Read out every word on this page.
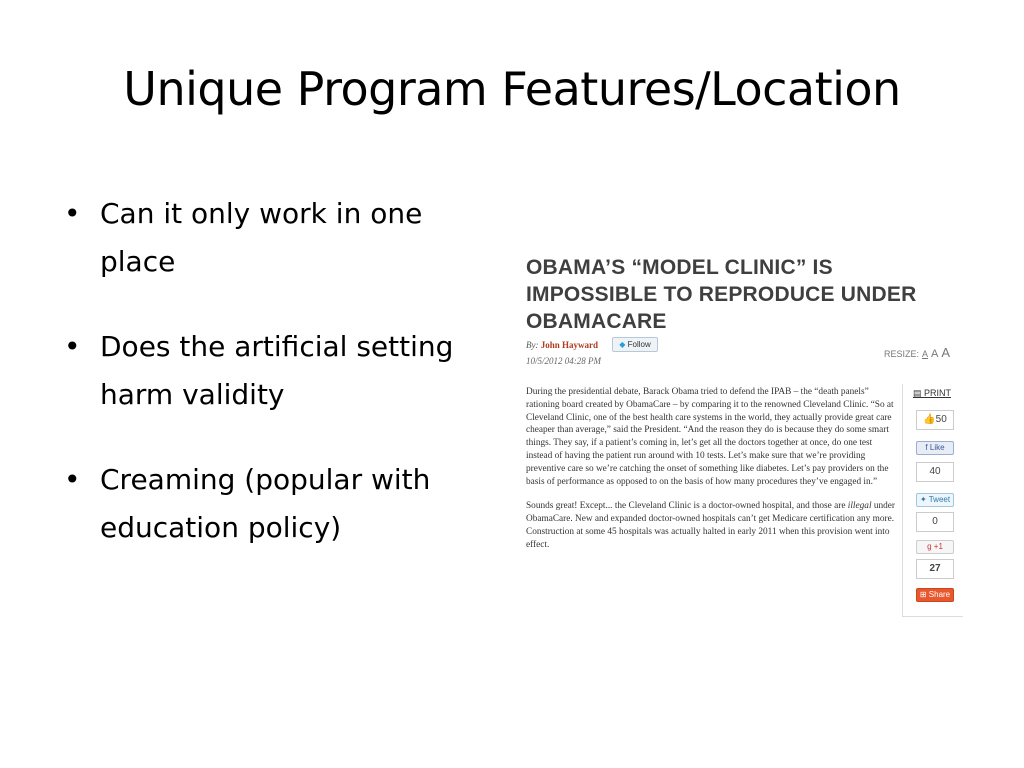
Unique Program Features/Location
• Can it only work in one place
• Does the artificial setting harm validity
• Creaming (popular with education policy)
OBAMA’S “MODEL CLINIC” IS IMPOSSIBLE TO REPRODUCE UNDER OBAMACARE
By: John Hayward	◆ Follow
10/5/2012 04:28 PM
RESIZE: A A A

During the presidential debate, Barack Obama tried to defend the IPAB – the “death panels” rationing board created by ObamaCare – by comparing it to the renowned Cleveland Clinic. “So at Cleveland Clinic, one of the best health care systems in the world, they actually provide great care cheaper than average,” said the President. “And the reason they do is because they do some smart things. They say, if a patient’s coming in, let’s get all the doctors together at once, do one test instead of having the patient run around with 10 tests. Let’s make sure that we’re providing preventive care so we’re catching the onset of something like diabetes. Let’s pay providers on the basis of performance as opposed to on the basis of how many procedures they’ve engaged in.”

Sounds great! Except... the Cleveland Clinic is a doctor-owned hospital, and those are illegal under ObamaCare. New and expanded doctor-owned hospitals can’t get Medicare certification any more. Construction at some 45 hospitals was actually halted in early 2011 when this provision went into effect.

▤ PRINT
👍50
f Like
40
✦ Tweet
0
g +1
27
⊞ Share
